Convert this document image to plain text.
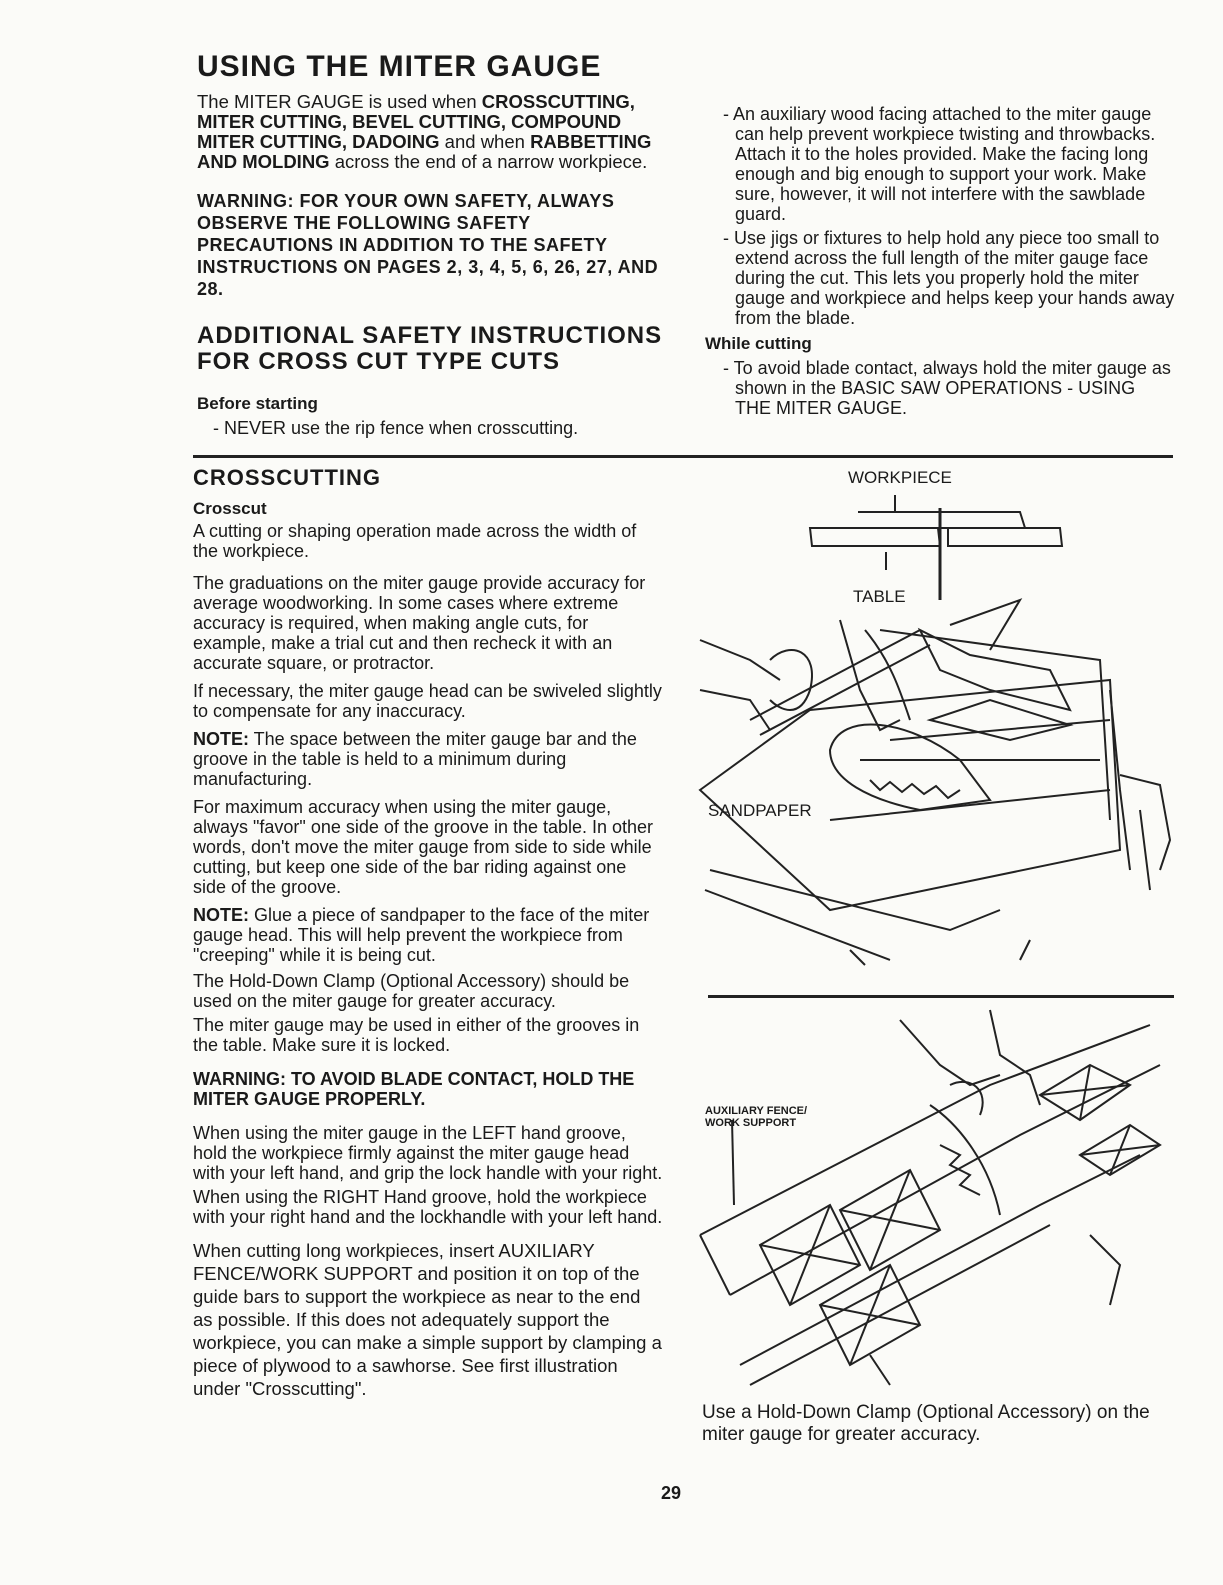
USING THE MITER GAUGE

The MITER GAUGE is used when CROSSCUTTING, MITER CUTTING, BEVEL CUTTING, COMPOUND MITER CUTTING, DADOING and when RABBETTING AND MOLDING across the end of a narrow workpiece.

WARNING: FOR YOUR OWN SAFETY, ALWAYS OBSERVE THE FOLLOWING SAFETY PRECAUTIONS IN ADDITION TO THE SAFETY INSTRUCTIONS ON PAGES 2, 3, 4, 5, 6, 26, 27, AND 28.

ADDITIONAL SAFETY INSTRUCTIONS FOR CROSS CUT TYPE CUTS
Before starting

- NEVER use the rip fence when crosscutting.

- An auxiliary wood facing attached to the miter gauge can help prevent workpiece twisting and throwbacks. Attach it to the holes provided. Make the facing long enough and big enough to support your work. Make sure, however, it will not interfere with the sawblade guard.

- Use jigs or fixtures to help hold any piece too small to extend across the full length of the miter gauge face during the cut. This lets you properly hold the miter gauge and workpiece and helps keep your hands away from the blade.

While cutting

- To avoid blade contact, always hold the miter gauge as shown in the BASIC SAW OPERATIONS - USING THE MITER GAUGE.

CROSSCUTTING
Crosscut

A cutting or shaping operation made across the width of the workpiece.

The graduations on the miter gauge provide accuracy for average woodworking. In some cases where extreme accuracy is required, when making angle cuts, for example, make a trial cut and then recheck it with an accurate square, or protractor.

If necessary, the miter gauge head can be swiveled slightly to compensate for any inaccuracy.

NOTE: The space between the miter gauge bar and the groove in the table is held to a minimum during manufacturing.

For maximum accuracy when using the miter gauge, always "favor" one side of the groove in the table. In other words, don't move the miter gauge from side to side while cutting, but keep one side of the bar riding against one side of the groove.

NOTE: Glue a piece of sandpaper to the face of the miter gauge head. This will help prevent the workpiece from "creeping" while it is being cut.

The Hold-Down Clamp (Optional Accessory) should be used on the miter gauge for greater accuracy.

The miter gauge may be used in either of the grooves in the table. Make sure it is locked.

WARNING: TO AVOID BLADE CONTACT, HOLD THE MITER GAUGE PROPERLY.

When using the miter gauge in the LEFT hand groove, hold the workpiece firmly against the miter gauge head with your left hand, and grip the lock handle with your right.

When using the RIGHT Hand groove, hold the workpiece with your right hand and the lockhandle with your left hand.

When cutting long workpieces, insert AUXILIARY FENCE/WORK SUPPORT and position it on top of the guide bars to support the workpiece as near to the end as possible. If this does not adequately support the workpiece, you can make a simple support by clamping a piece of plywood to a sawhorse. See first illustration under "Crosscutting".

WORKPIECE
TABLE
SANDPAPER
AUXILIARY FENCE/
WORK SUPPORT
Use a Hold-Down Clamp (Optional Accessory) on the miter gauge for greater accuracy.
29
